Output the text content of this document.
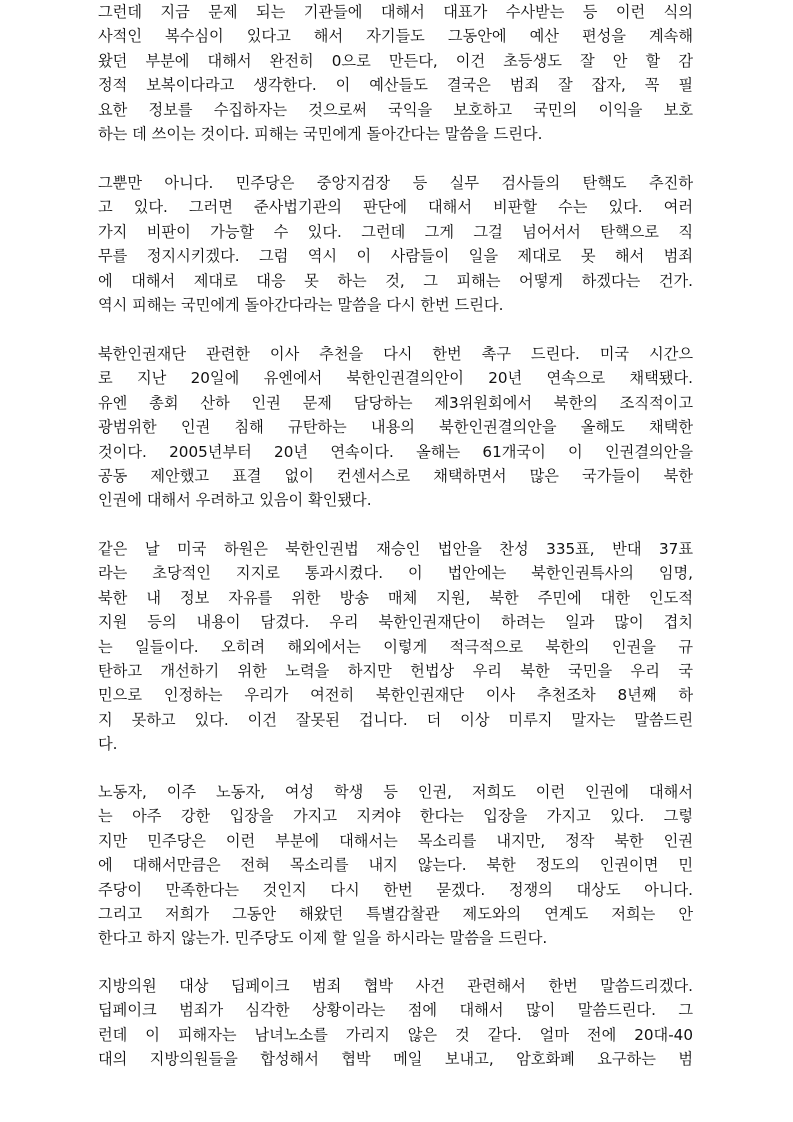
그런데 지금 문제 되는 기관들에 대해서 대표가 수사받는 등 이런 식의
사적인 복수심이 있다고 해서 자기들도 그동안에 예산 편성을 계속해
왔던 부분에 대해서 완전히 0으로 만든다, 이건 초등생도 잘 안 할 감
정적 보복이다라고 생각한다. 이 예산들도 결국은 범죄 잘 잡자, 꼭 필
요한 정보를 수집하자는 것으로써 국익을 보호하고 국민의 이익을 보호
하는 데 쓰이는 것이다. 피해는 국민에게 돌아간다는 말씀을 드린다.
그뿐만 아니다. 민주당은 중앙지검장 등 실무 검사들의 탄핵도 추진하
고 있다. 그러면 준사법기관의 판단에 대해서 비판할 수는 있다. 여러
가지 비판이 가능할 수 있다. 그런데 그게 그걸 넘어서서 탄핵으로 직
무를 정지시키겠다. 그럼 역시 이 사람들이 일을 제대로 못 해서 범죄
에 대해서 제대로 대응 못 하는 것, 그 피해는 어떻게 하겠다는 건가.
역시 피해는 국민에게 돌아간다라는 말씀을 다시 한번 드린다.
북한인권재단 관련한 이사 추천을 다시 한번 촉구 드린다. 미국 시간으
로 지난 20일에 유엔에서 북한인권결의안이 20년 연속으로 채택됐다.
유엔 총회 산하 인권 문제 담당하는 제3위원회에서 북한의 조직적이고
광범위한 인권 침해 규탄하는 내용의 북한인권결의안을 올해도 채택한
것이다. 2005년부터 20년 연속이다. 올해는 61개국이 이 인권결의안을
공동 제안했고 표결 없이 컨센서스로 채택하면서 많은 국가들이 북한
인권에 대해서 우려하고 있음이 확인됐다.
같은 날 미국 하원은 북한인권법 재승인 법안을 찬성 335표, 반대 37표
라는 초당적인 지지로 통과시켰다. 이 법안에는 북한인권특사의 임명,
북한 내 정보 자유를 위한 방송 매체 지원, 북한 주민에 대한 인도적
지원 등의 내용이 담겼다. 우리 북한인권재단이 하려는 일과 많이 겹치
는 일들이다. 오히려 해외에서는 이렇게 적극적으로 북한의 인권을 규
탄하고 개선하기 위한 노력을 하지만 헌법상 우리 북한 국민을 우리 국
민으로 인정하는 우리가 여전히 북한인권재단 이사 추천조차 8년째 하
지 못하고 있다. 이건 잘못된 겁니다. 더 이상 미루지 말자는 말씀드린
다.
노동자, 이주 노동자, 여성 학생 등 인권, 저희도 이런 인권에 대해서
는 아주 강한 입장을 가지고 지켜야 한다는 입장을 가지고 있다. 그렇
지만 민주당은 이런 부분에 대해서는 목소리를 내지만, 정작 북한 인권
에 대해서만큼은 전혀 목소리를 내지 않는다. 북한 정도의 인권이면 민
주당이 만족한다는 것인지 다시 한번 묻겠다. 정쟁의 대상도 아니다.
그리고 저희가 그동안 해왔던 특별감찰관 제도와의 연계도 저희는 안
한다고 하지 않는가. 민주당도 이제 할 일을 하시라는 말씀을 드린다.
지방의원 대상 딥페이크 범죄 협박 사건 관련해서 한번 말씀드리겠다.
딥페이크 범죄가 심각한 상황이라는 점에 대해서 많이 말씀드린다. 그
런데 이 피해자는 남녀노소를 가리지 않은 것 같다. 얼마 전에 20대-40
대의 지방의원들을 합성해서 협박 메일 보내고, 암호화폐 요구하는 범
